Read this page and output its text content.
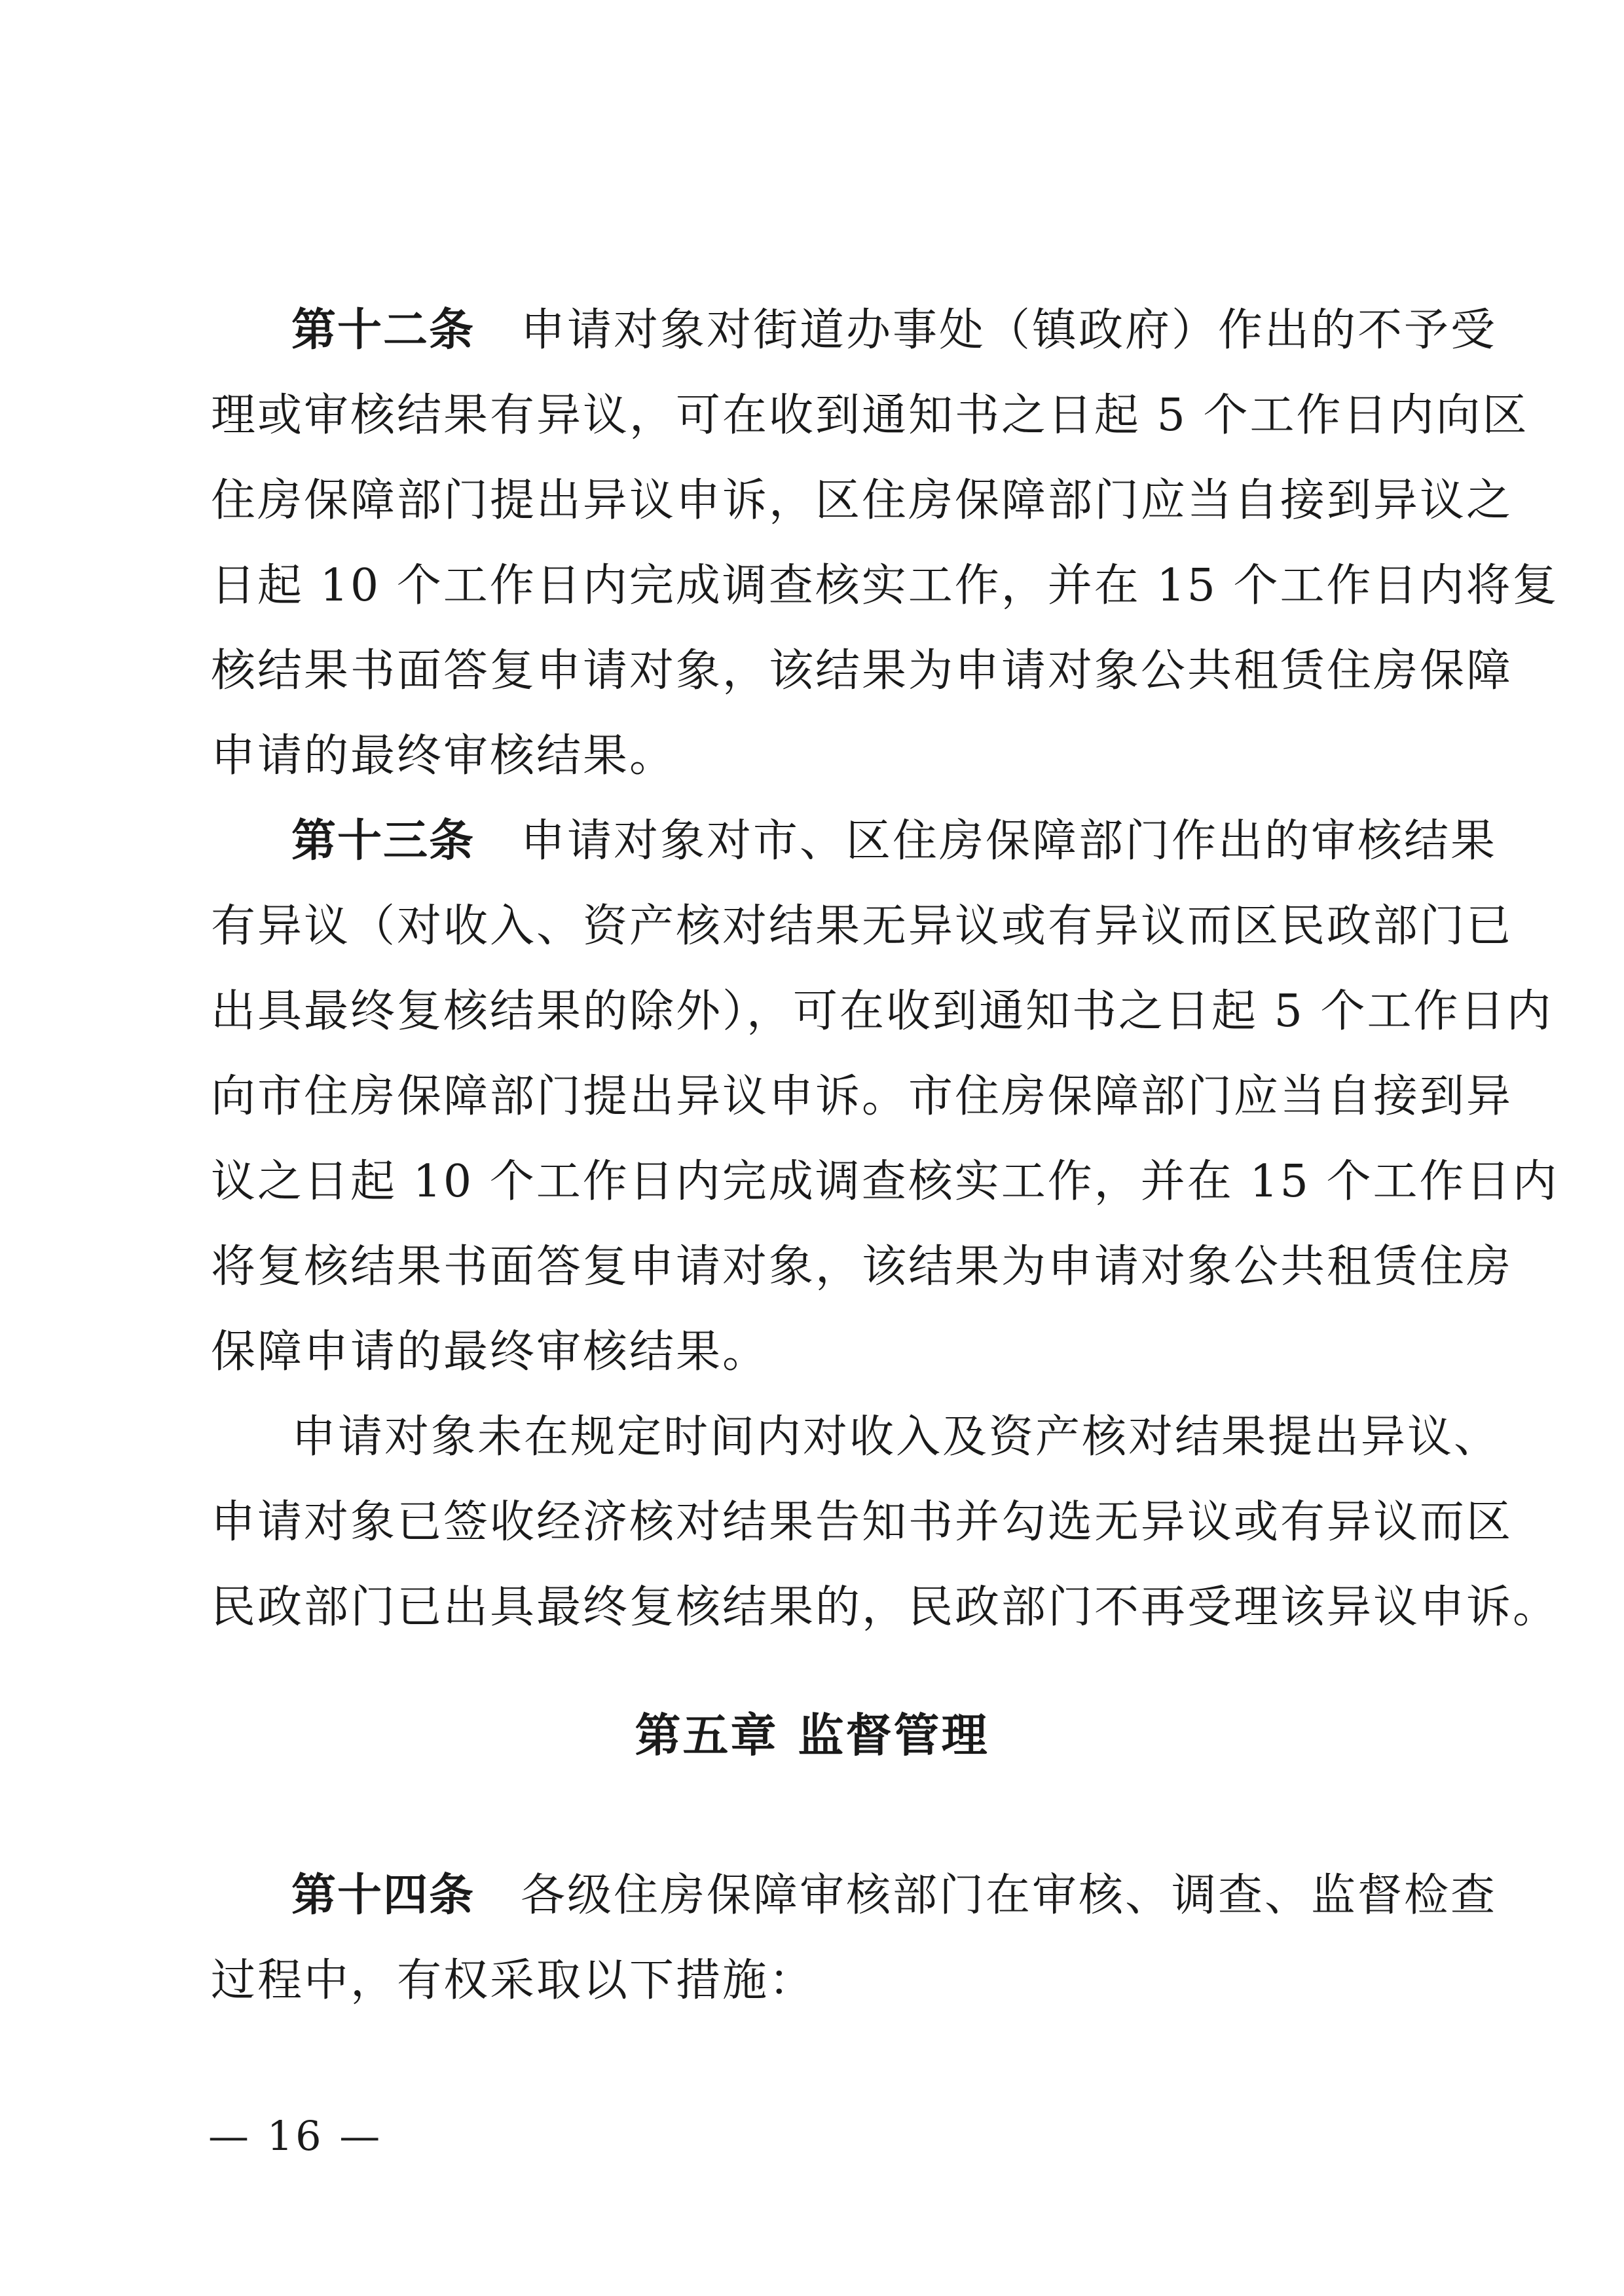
第十二条 申请对象对街道办事处（镇政府）作出的不予受
理或审核结果有异议，可在收到通知书之日起 5 个工作日内向区
住房保障部门提出异议申诉，区住房保障部门应当自接到异议之
日起 10 个工作日内完成调查核实工作，并在 15 个工作日内将复
核结果书面答复申请对象，该结果为申请对象公共租赁住房保障
申请的最终审核结果。
第十三条 申请对象对市、区住房保障部门作出的审核结果
有异议（对收入、资产核对结果无异议或有异议而区民政部门已
出具最终复核结果的除外），可在收到通知书之日起 5 个工作日内
向市住房保障部门提出异议申诉。市住房保障部门应当自接到异
议之日起 10 个工作日内完成调查核实工作，并在 15 个工作日内
将复核结果书面答复申请对象，该结果为申请对象公共租赁住房
保障申请的最终审核结果。
申请对象未在规定时间内对收入及资产核对结果提出异议、
申请对象已签收经济核对结果告知书并勾选无异议或有异议而区
民政部门已出具最终复核结果的，民政部门不再受理该异议申诉。
第五章 监督管理
第十四条 各级住房保障审核部门在审核、调查、监督检查
过程中，有权采取以下措施：
— 16 —
